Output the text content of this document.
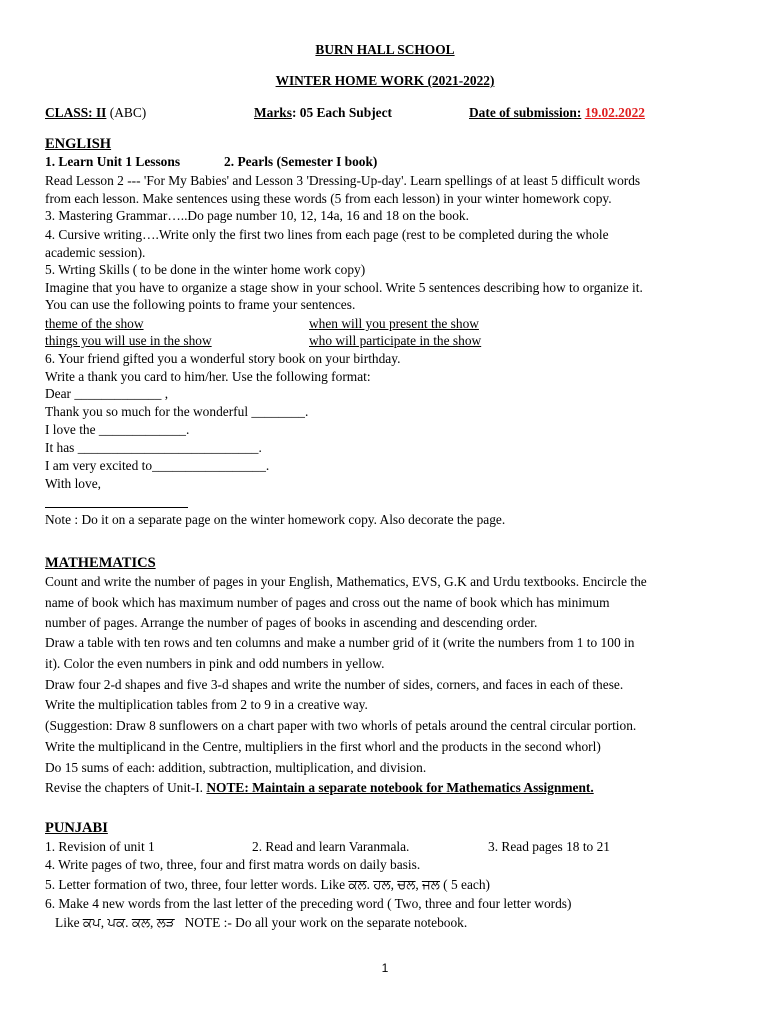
BURN HALL SCHOOL
WINTER HOME WORK (2021-2022)
CLASS: II (ABC)	Marks: 05 Each Subject	Date of submission: 19.02.2022
ENGLISH
1. Learn Unit 1 Lessons	2. Pearls (Semester I book)
Read Lesson 2 --- 'For My Babies' and Lesson 3 'Dressing-Up-day'. Learn spellings of at least 5 difficult words
from each lesson. Make sentences using these words (5 from each lesson) in your winter homework copy.
3. Mastering Grammar…..Do page number 10, 12, 14a, 16 and 18 on the book.
4. Cursive writing….Write only the first two lines from each page (rest to be completed during the whole
academic session).
5. Wrting Skills ( to be done in the winter home work copy)
Imagine that you have to organize a stage show in your school. Write 5 sentences describing how to organize it.
You can use the following points to frame your sentences.
theme of the show	when will you present the show
things you will use in the show	who will participate in the show
6. Your friend gifted you a wonderful story book on your birthday.
Write a thank you card to him/her. Use the following format:
Dear _____________ ,
Thank you so much for the wonderful ________.
I love the _____________.
It has ___________________________.
I am very excited to_________________.
With love,
Note : Do it on a separate page on the winter homework copy. Also decorate the page.
MATHEMATICS
Count and write the number of pages in your English, Mathematics, EVS, G.K and Urdu textbooks. Encircle the
name of book which has maximum number of pages and cross out the name of book which has minimum
number of pages. Arrange the number of pages of books in ascending and descending order.
Draw a table with ten rows and ten columns and make a number grid of it (write the numbers from 1 to 100 in
it). Color the even numbers in pink and odd numbers in yellow.
Draw four 2-d shapes and five 3-d shapes and write the number of sides, corners, and faces in each of these.
Write the multiplication tables from 2 to 9 in a creative way.
(Suggestion: Draw 8 sunflowers on a chart paper with two whorls of petals around the central circular portion.
Write the multiplicand in the Centre, multipliers in the first whorl and the products in the second whorl)
Do 15 sums of each: addition, subtraction, multiplication, and division.
Revise the chapters of Unit-I. NOTE: Maintain a separate notebook for Mathematics Assignment.
PUNJABI
1. Revision of unit 1	2. Read and learn Varanmala.	3. Read pages 18 to 21
4. Write pages of two, three, four and first matra words on daily basis.
5. Letter formation of two, three, four letter words. Like ਕਲ. ਹਲ, ਚਲ, ਜਲ ( 5 each)
6. Make 4 new words from the last letter of the preceding word ( Two, three and four letter words)
Like ਕਪ, ਪਕ. ਕਲ, ਲੜ   NOTE :- Do all your work on the separate notebook.
1
